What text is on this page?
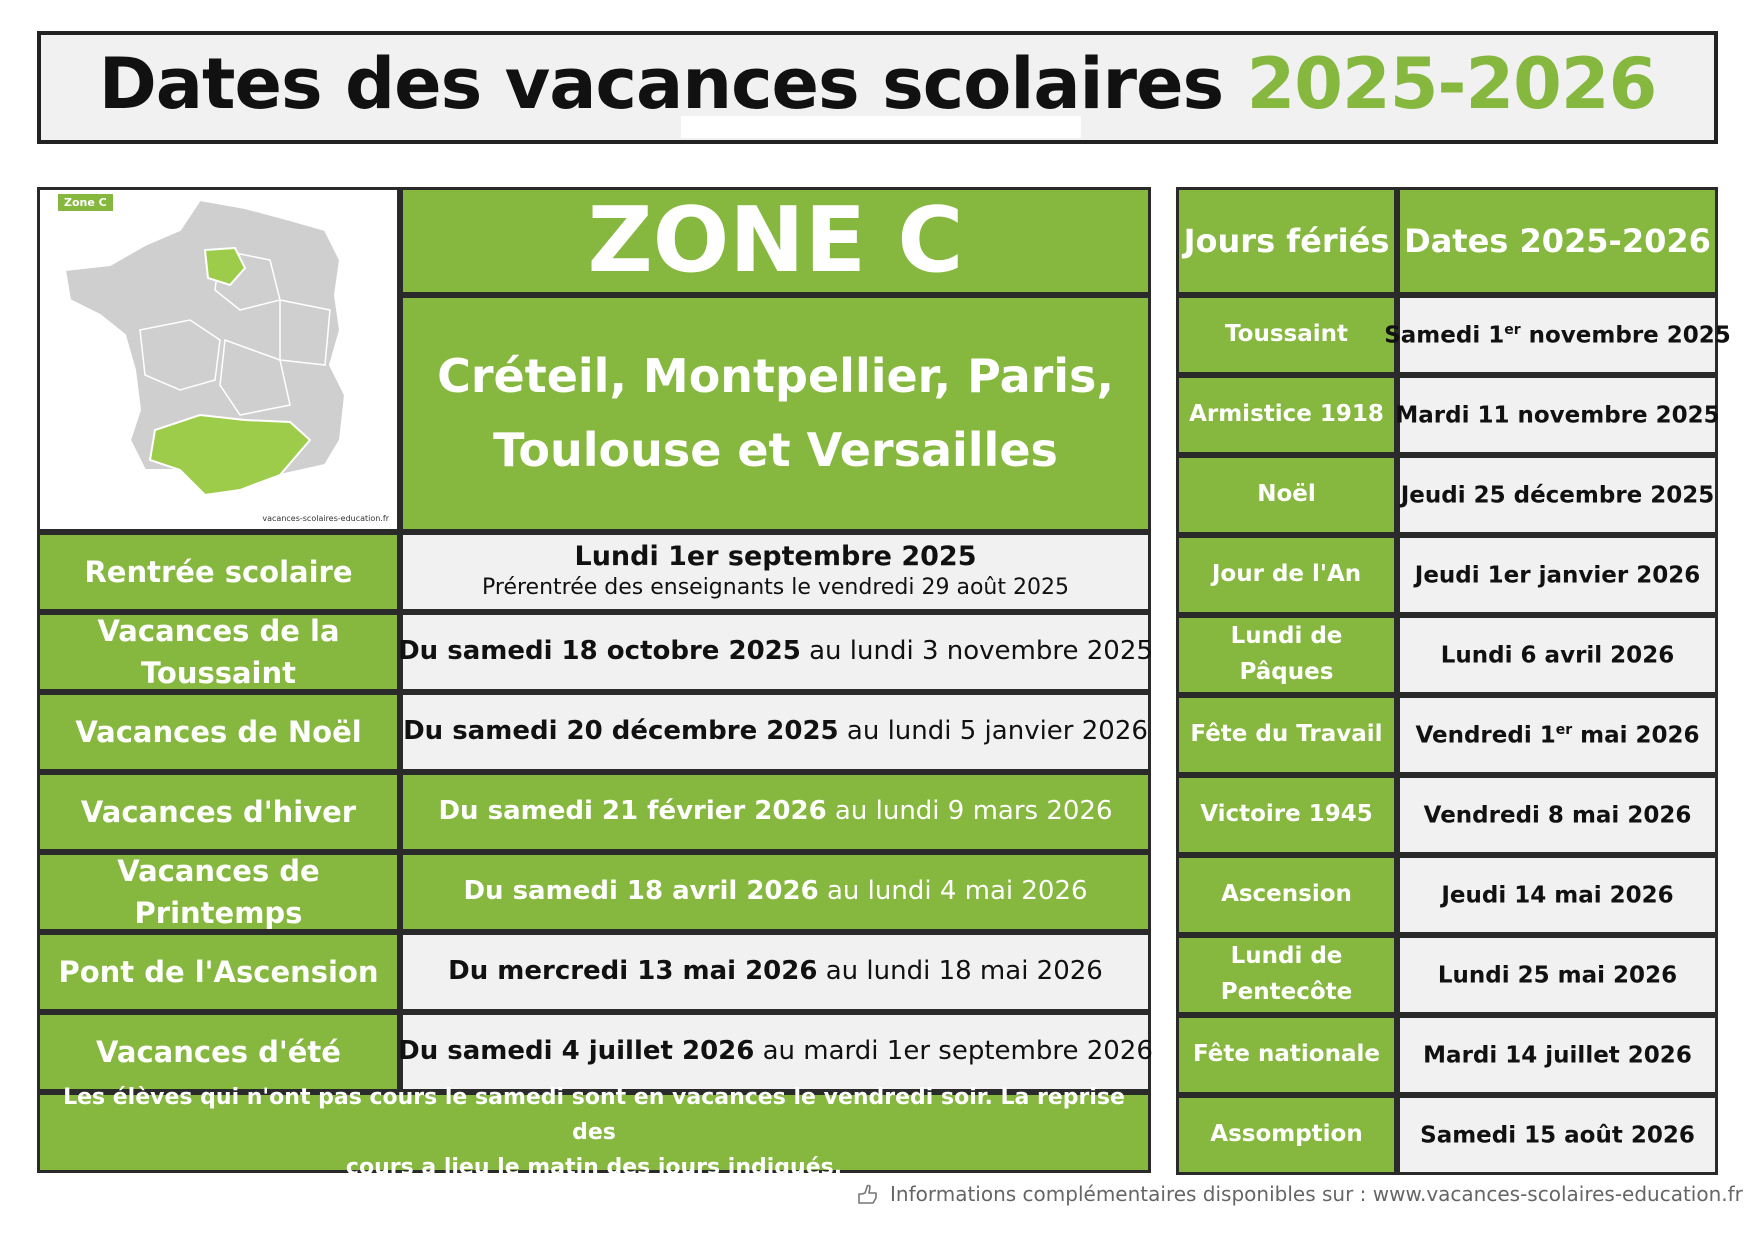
Dates des vacances scolaires 2025-2026
Zone C
vacances-scolaires-education.fr
ZONE C
Créteil, Montpellier, Paris,
Toulouse et Versailles
Rentrée scolaire	Lundi 1er septembre 2025
Prérentrée des enseignants le vendredi 29 août 2025
Vacances de la Toussaint
Du samedi 18 octobre 2025 au lundi 3 novembre 2025
Vacances de Noël Du samedi 20 décembre 2025 au lundi 5 janvier 2026
Vacances d'hiver	Du samedi 21 février 2026 au lundi 9 mars 2026
Vacances de Printemps
Du samedi 18 avril 2026 au lundi 4 mai 2026
Pont de l'Ascension	Du mercredi 13 mai 2026 au lundi 18 mai 2026
Vacances d'été Du samedi 4 juillet 2026 au mardi 1er septembre 2026
Les élèves qui n'ont pas cours le samedi sont en vacances le vendredi soir. La reprise des
cours a lieu le matin des jours indiqués.
Jours fériés Dates 2025-2026
Toussaint Samedi 1er novembre 2025
Armistice 1918 Mardi 11 novembre 2025
Noël	Jeudi 25 décembre 2025
Jour de l'An Jeudi 1er janvier 2026
Lundi de Pâques
Lundi 6 avril 2026
Fête du Travail Vendredi 1er mai 2026
Victoire 1945 Vendredi 8 mai 2026
Ascension	Jeudi 14 mai 2026
Lundi de Pentecôte
Lundi 25 mai 2026
Fête nationale Mardi 14 juillet 2026
Assomption Samedi 15 août 2026
Informations complémentaires disponibles sur : www.vacances-scolaires-education.fr
